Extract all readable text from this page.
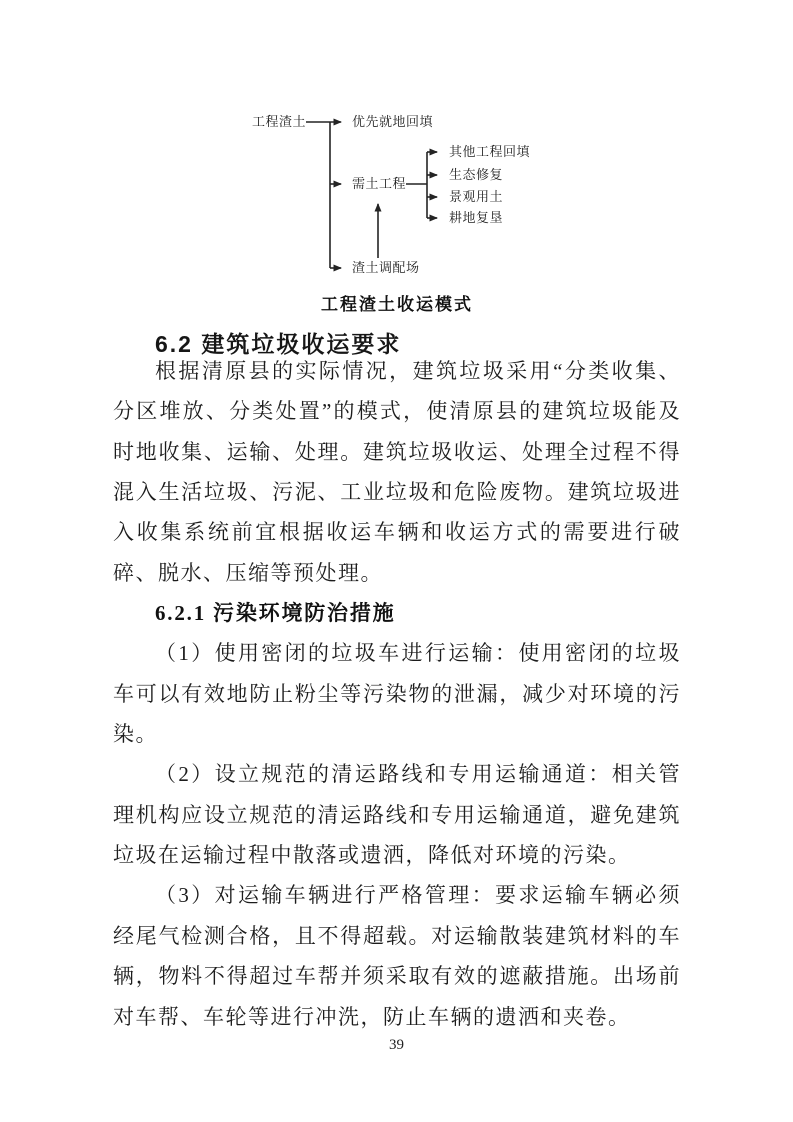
工程渣土	优先就地回填
需土工程
其他工程回填
生态修复
景观用土
耕地复垦
渣土调配场
工程渣土收运模式
6.2 建筑垃圾收运要求

根据清原县的实际情况，建筑垃圾采用“分类收集、分区堆放、分类处置”的模式，使清原县的建筑垃圾能及时地收集、运输、处理。建筑垃圾收运、处理全过程不得混入生活垃圾、污泥、工业垃圾和危险废物。建筑垃圾进入收集系统前宜根据收运车辆和收运方式的需要进行破碎、脱水、压缩等预处理。

6.2.1 污染环境防治措施

（1）使用密闭的垃圾车进行运输：使用密闭的垃圾车可以有效地防止粉尘等污染物的泄漏，减少对环境的污染。

（2）设立规范的清运路线和专用运输通道：相关管理机构应设立规范的清运路线和专用运输通道，避免建筑垃圾在运输过程中散落或遗洒，降低对环境的污染。

（3）对运输车辆进行严格管理：要求运输车辆必须经尾气检测合格，且不得超载。对运输散装建筑材料的车辆，物料不得超过车帮并须采取有效的遮蔽措施。出场前对车帮、车轮等进行冲洗，防止车辆的遗洒和夹卷。

39
